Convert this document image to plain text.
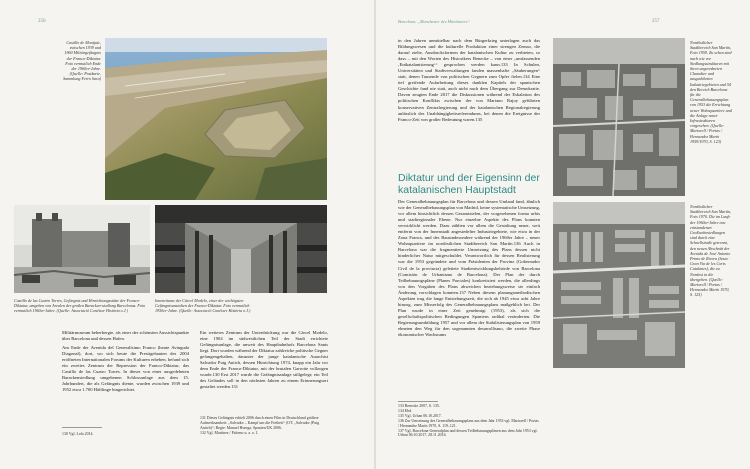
256
Castillo de Montjuïc, zwischen 1939 und 1960 Militärgefängnis der Franco-Diktatur. Foto vermutlich Ende der 1960er-Jahre. (Quelle: Postkarte, Sammlung Ferro Sara)
Castillo de las Cuatro Torres, Gefängnis und Hinrichtungsstätte der Franco-Diktatur, umgeben von Arealen der großen Baracken-siedlung Barcelonas. Foto vermutlich 1960er-Jahre. (Quelle: Associació Conéixer Història o.J.)
Innenräume der Cárcel Modelo, einer der wichtigsten Gefängnisanstalten der Franco-Diktatur. Foto vermutlich 1950er-Jahre. (Quelle: Associació Conéixer Història o.J.)

Militärmuseum beherbergte, als einer der schönsten Aussichtspunkte über Barcelona und dessen Hafen.

Am Ende der Avenida del Generalísimo Franco (heute Avinguda Diagonal), dort, wo sich heute die Prestigebauten des 2004 eröffneten Internationalen Forums der Kulturen erheben, befand sich ein zweites Zentrum der Repression der Franco-Diktatur, das Castillo de las Cuatro Torres. In dieser von einer ausgedehnten Barackensiedlung umgebenen Schlossanlage aus dem 15. Jahrhundert, die als Gefängnis diente, wurden zwischen 1939 und 1952 etwa 1.700 Häftlinge hingerichtet.

Ein weiteres Zentrum der Unterdrückung war die Cárcel Modelo, eine 1904 im südwestlichen Teil der Stadt errichtete Gefängnisanlage, die unweit des Hauptbahnhofs Barcelona Sants liegt. Dort wurden während der Diktatur zahlreiche politische Gegner gefangengehalten, darunter der junge katalanische Anarchist Salvador Puig Antich, dessen Hinrichtung 1974, knapp ein Jahr vor dem Ende der Franco-Diktatur, mit der brutalen Garrotte vollzogen wurde.130 Erst 2017 wurde die Gefängnisanlage stillgelegt; ein Teil des Geländes soll in den nächsten Jahren zu einem Erinnerungsort gestaltet werden.131

130 Vgl. Lola 2014.
131 Dieses Gefängnis erhielt 2006 durch einen Film in Deutschland größere Aufmerksamkeit: „Salvador – Kampf um die Freiheit“ (OT: „Salvador (Puig Antich)“; Regie: Manuel Huerga, Spanien/UK 2006.
132 Vgl. Martínez / Palomo u. a. o. J.
Barcelona: „Manchester des Mittelmeers“	257

in den Jahren unmittelbar nach dem Bürgerkrieg unterlagen auch das Bildungswesen und die kulturelle Produktion einer strengen Zensur, die darauf zielte, Ausdrucksformen der katalanischen Kultur zu verbieten, so dass – mit den Worten des Historikers Benecke – von einer „umfassenden ‚Entkatalanisierung‘“ gesprochen werden kann.133 In Schulen, Universitäten und Stadtverwaltungen fanden massenhafte „Säuberungen“ statt, denen Tausende von politischen Gegnern zum Opfer fielen.134 Eine tief greifende Aufarbeitung dieses dunklen Kapitels der spanischen Geschichte fand nie statt, auch nicht nach dem Übergang zur Demokratie. Davon zeugten Ende 2017 die Diskussionen während der Eskalation des politischen Konflikts zwischen der von Mariano Rajoy geführten konservativen Zentralregierung und der katalanischen Regionalregierung anlässlich des Unabhängigkeitsreferendums, bei denen die Ereignisse der Franco-Zeit von großer Bedeutung waren.135

Diktatur und der Eigensinn der katalanischen Hauptstadt

Der Generalbebauungsplan für Barcelona und dessen Umland fand, ähnlich wie der Generalbebauungsplan von Madrid, keine systematische Umsetzung, vor allem hinsichtlich dessen Gesamtzielen, der vorgesehenen forma urbis und stadtregionaler Ebene. Nur einzelne Aspekte des Plans konnten verwirklicht werden. Dazu zählten vor allem die Gestaltung neuer, weit entfernt von der Innenstadt angesiedelter Industriegebiete, wie etwa in der Zona Franca, und des Bausindesondere während der 1960er Jahre – neuer Wohnquartiere im nordöstlichen Stadtbereich San Martín.136 Auch in Barcelona war die fragmentierte Umsetzung des Plans dessen nicht hinderlicher Natur mitgeschuldet. Verantwortlich für dessen Realisierung war die 1953 gegründete und vom Präsidenten der Provinz (Gobernador Civil de la provincia) geleitete Stadtentwicklungsbehörde von Barcelona (Comisión de Urbanismo de Barcelona). Der Plan der durch Teilbebauungspläne (Planes Parciales) konkretisiert werden, die allerdings von den Vorgaben des Plans abweichen beziehungsweise sie einfach Änderung vorschlagen konnten.137 Neben diesem planungsmethodischen Aspekten trug die lange Entstehungszeit, die sich ab 1945 etwa acht Jahre hinzog, zum Misserfolg des Generalbebauungsplans maßgeblich bei. Der Plan wurde in einer Zeit genehmigt (1953), als sich die gesellschaftspolitischen Bedingungen Spaniens radikal veränderten. Die Regierungsumbildung 1957 und vor allem der Stabilisierungsplan von 1959 ebneten den Weg für den sogenannten desarrollismo, die zweite Phase ökonomischer Wachstums

Nordöstlicher Stadtbereich San Martín, Foto 1959. Zu sehen sind nach wie vor Siedlungsstrukturen mit ihren ungeordneten Charakter und ausgedehnten Industriegebieten und 54 den Bereich Barcelona für die Generalbebauungsplan von 1953 die Errichtung neuer Wohnquartiere und die Anlage neuer Infrastrukturen vorgesehen. (Quelle: Martorell / Portas / Hernandez Marín 1959/1970, S. 123)
Nordöstlicher Stadtbereich San Martín, Foto 1970. Die im Laufe der 1960er-Jahre neu entstandenen Großwohnsiedlungen sind durch eine Schnellstraße getrennt, den neuen Abschnitt der Avenida de José Antonio Primo de Rivera (heute Gran Via de les Corts Catalanes), die zu Nordost in die übergehen. (Quelle: Martorell / Portas / Hernandez Marín 1970, S. 125)
133 Benecke 2007, S. 135.
134 Ebd.
135 Vgl. Urban 06.10.2017.
136 Zur Umsetzung des Generalbebauungsplans aus dem Jahr 1953 vgl. Martorell / Portas / Hernandez Marín 1970, S. 119–121.
137 Vgl. Barcelona-Generalplan und dessen Teilbebauungsplänen aus dem Jahr 1953 vgl. Urban 06.10.2017, 28.11.2016.
